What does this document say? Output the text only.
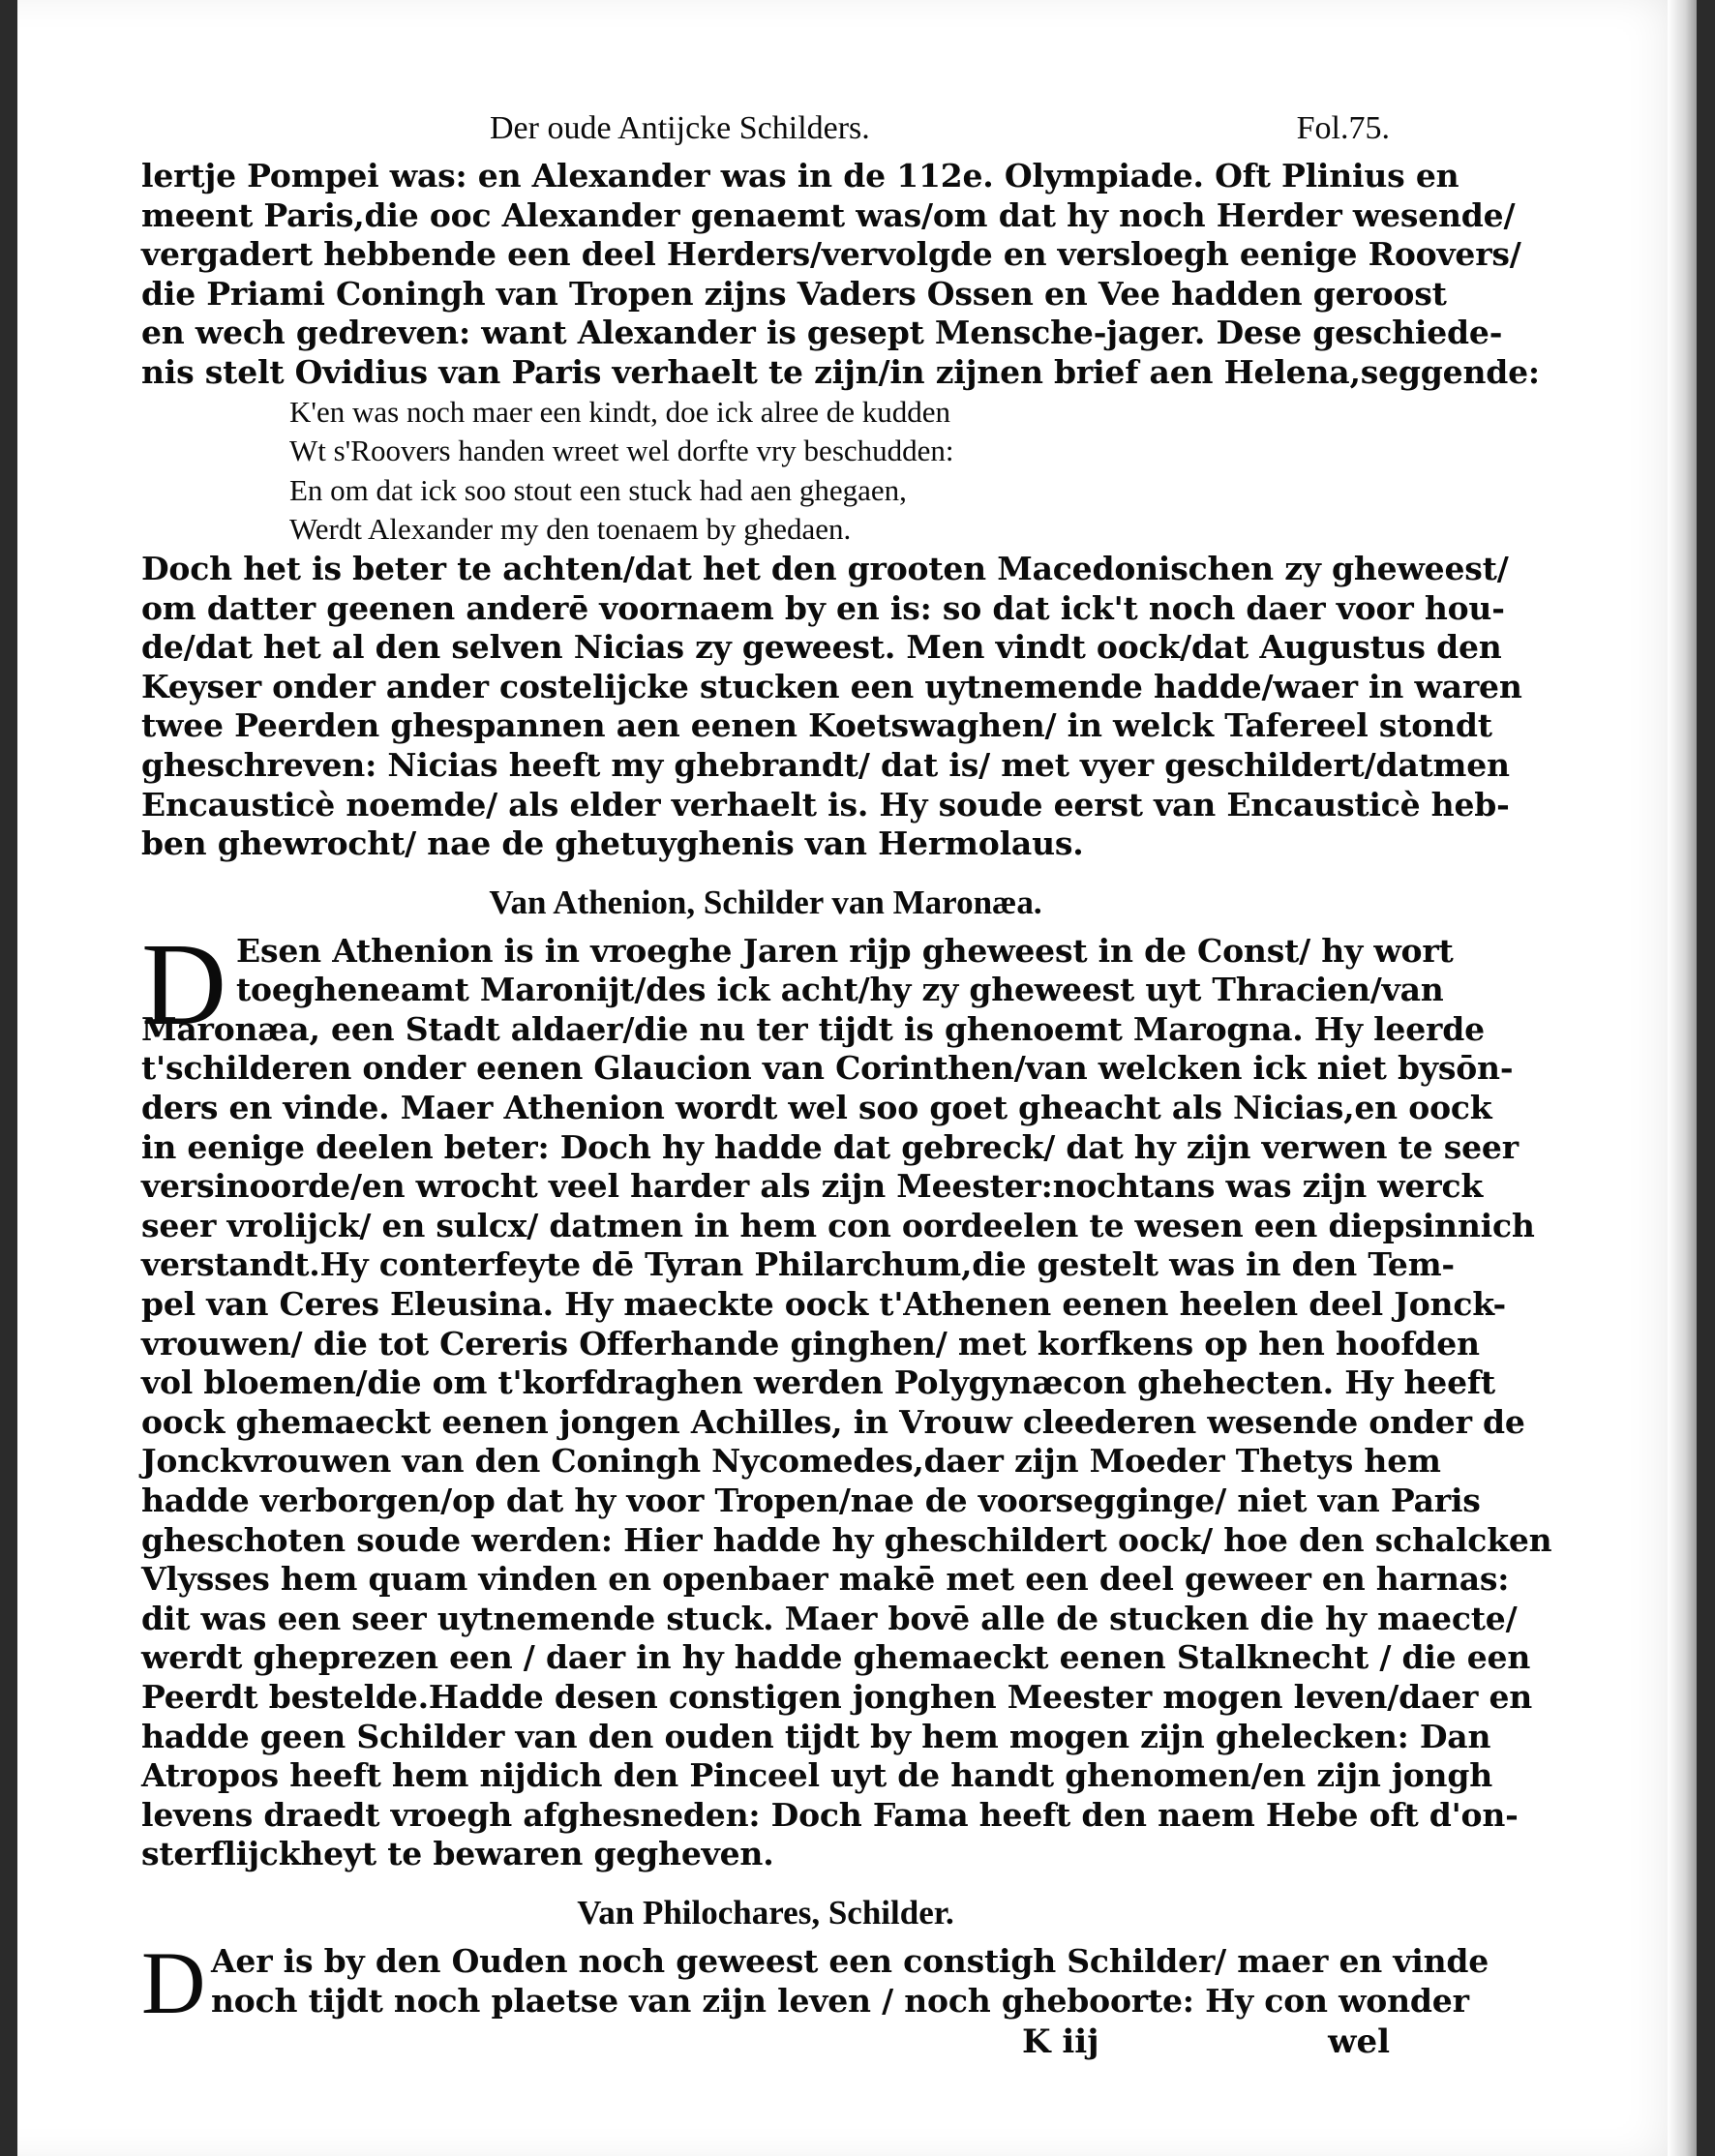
Der oude Antijcke Schilders.	Fol.75.

lertje Pompei was: en Alexander was in de 112e. Olympiade. Oft Plinius en

meent Paris,die ooc Alexander genaemt was/om dat hy noch Herder wesende/

vergadert hebbende een deel Herders/vervolgde en versloegh eenige Roovers/

die Priami Coningh van Tropen zijns Vaders Ossen en Vee hadden geroost

en wech gedreven: want Alexander is gesept Mensche-jager. Dese geschiede-

nis stelt Ovidius van Paris verhaelt te zijn/in zijnen brief aen Helena,seggende:

K'en was noch maer een kindt, doe ick alree de kudden

Wt s'Roovers handen wreet wel dorfte vry beschudden:

En om dat ick soo stout een stuck had aen ghegaen,

Werdt Alexander my den toenaem by ghedaen.

Doch het is beter te achten/dat het den grooten Macedonischen zy gheweest/

om datter geenen anderē voornaem by en is: so dat ick't noch daer voor hou-

de/dat het al den selven Nicias zy geweest. Men vindt oock/dat Augustus den

Keyser onder ander costelijcke stucken een uytnemende hadde/waer in waren

twee Peerden ghespannen aen eenen Koetswaghen/ in welck Tafereel stondt

gheschreven: Nicias heeft my ghebrandt/ dat is/ met vyer geschildert/datmen

Encausticè noemde/ als elder verhaelt is. Hy soude eerst van Encausticè heb-

ben ghewrocht/ nae de ghetuyghenis van Hermolaus.

Van Athenion, Schilder van Maronæa.
D Esen Athenion is in vroeghe Jaren rijp gheweest in de Const/ hy wort

toegheneamt Maronijt/des ick acht/hy zy gheweest uyt Thracien/van

Maronæa, een Stadt aldaer/die nu ter tijdt is ghenoemt Marogna. Hy leerde

t'schilderen onder eenen Glaucion van Corinthen/van welcken ick niet bysōn-

ders en vinde. Maer Athenion wordt wel soo goet gheacht als Nicias,en oock

in eenige deelen beter: Doch hy hadde dat gebreck/ dat hy zijn verwen te seer

versinoorde/en wrocht veel harder als zijn Meester:nochtans was zijn werck

seer vrolijck/ en sulcx/ datmen in hem con oordeelen te wesen een diepsinnich

verstandt.Hy conterfeyte dē Tyran Philarchum,die gestelt was in den Tem-

pel van Ceres Eleusina. Hy maeckte oock t'Athenen eenen heelen deel Jonck-

vrouwen/ die tot Cereris Offerhande ginghen/ met korfkens op hen hoofden

vol bloemen/die om t'korfdraghen werden Polygynæcon ghehecten. Hy heeft

oock ghemaeckt eenen jongen Achilles, in Vrouw cleederen wesende onder de

Jonckvrouwen van den Coningh Nycomedes,daer zijn Moeder Thetys hem

hadde verborgen/op dat hy voor Tropen/nae de voorsegginge/ niet van Paris

gheschoten soude werden: Hier hadde hy gheschildert oock/ hoe den schalcken

Vlysses hem quam vinden en openbaer makē met een deel geweer en harnas:

dit was een seer uytnemende stuck. Maer bovē alle de stucken die hy maecte/

werdt gheprezen een / daer in hy hadde ghemaeckt eenen Stalknecht / die een

Peerdt bestelde.Hadde desen constigen jonghen Meester mogen leven/daer en

hadde geen Schilder van den ouden tijdt by hem mogen zijn ghelecken: Dan

Atropos heeft hem nijdich den Pinceel uyt de handt ghenomen/en zijn jongh

levens draedt vroegh afghesneden: Doch Fama heeft den naem Hebe oft d'on-

sterflijckheyt te bewaren gegheven.

Van Philochares, Schilder.
D Aer is by den Ouden noch geweest een constigh Schilder/ maer en vinde

noch tijdt noch plaetse van zijn leven / noch gheboorte: Hy con wonder

K iij	wel
